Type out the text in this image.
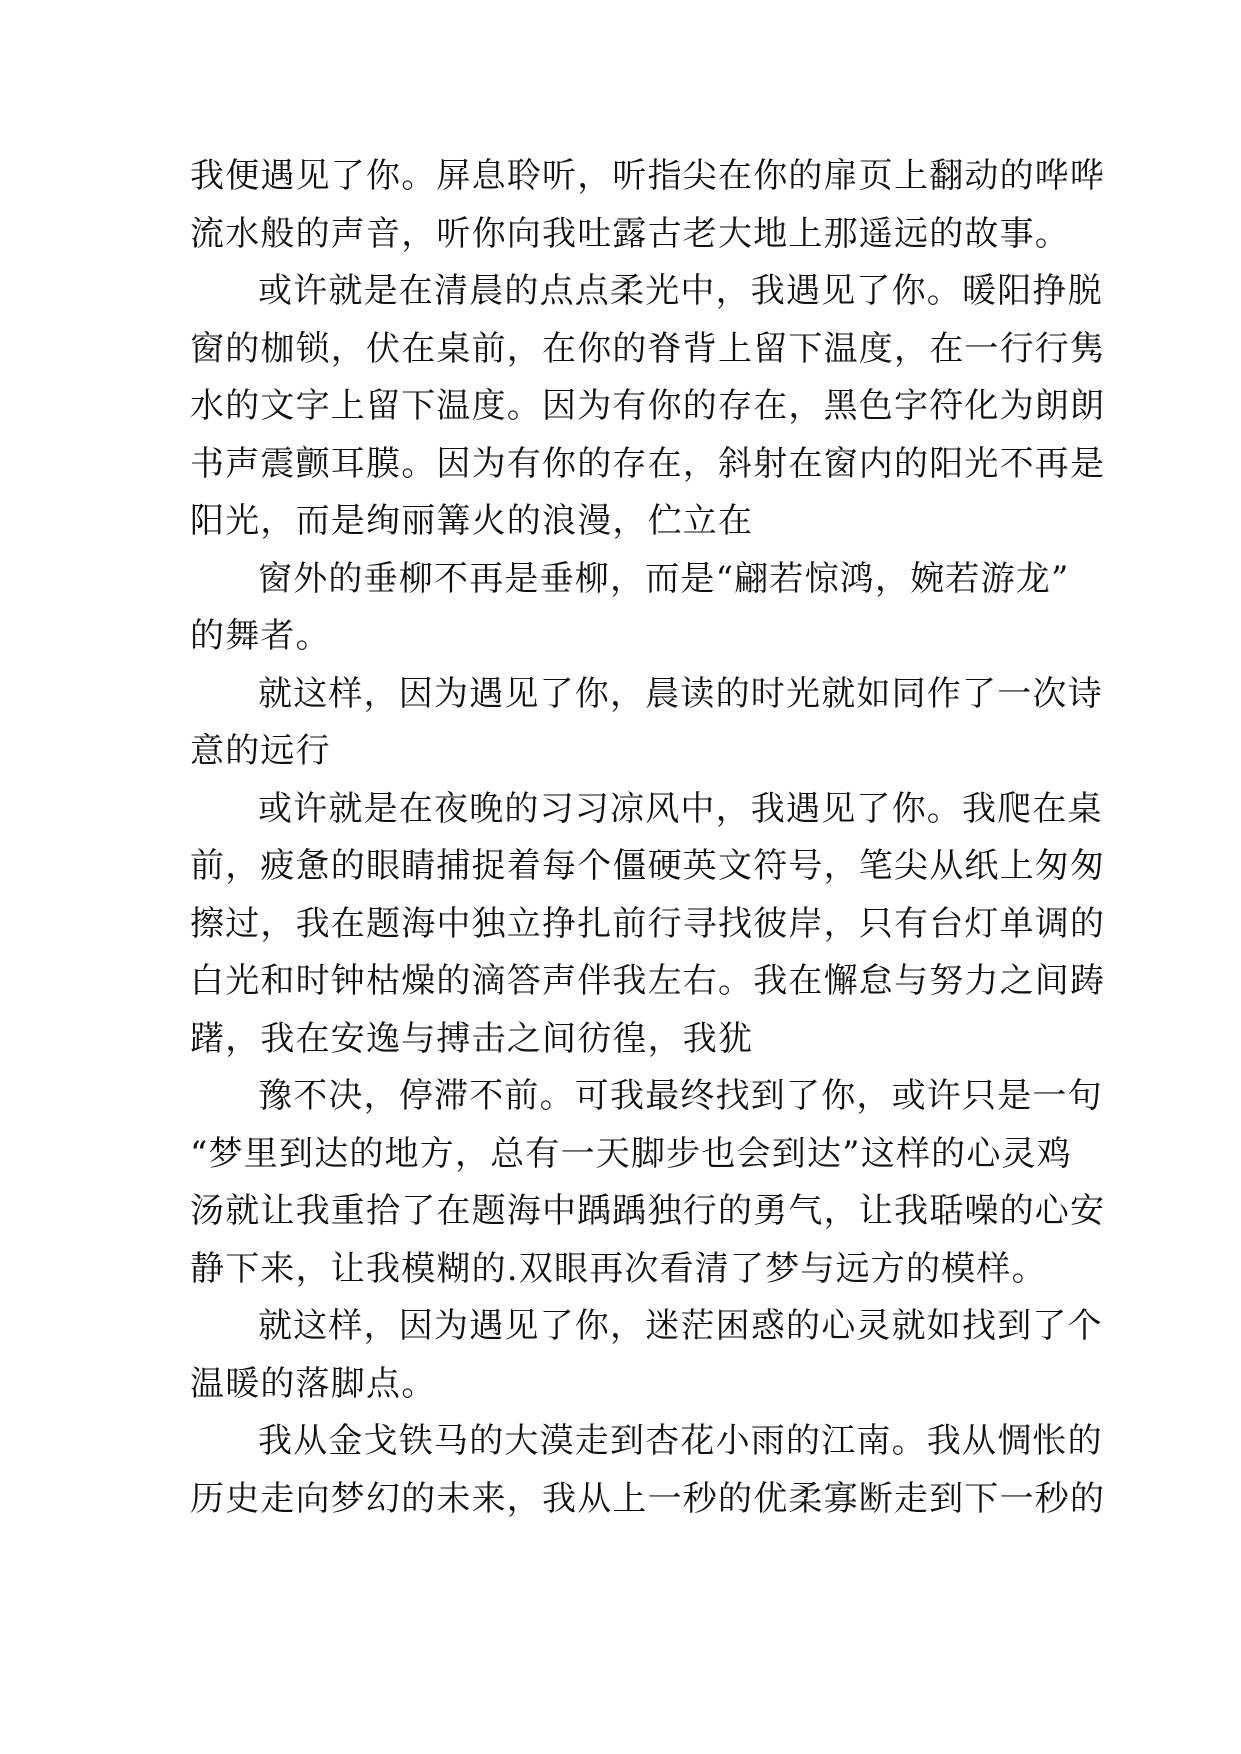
我便遇见了你。屏息聆听，听指尖在你的扉页上翻动的哗哗
流水般的声音，听你向我吐露古老大地上那遥远的故事。
或许就是在清晨的点点柔光中，我遇见了你。暖阳挣脱
窗的枷锁，伏在桌前，在你的脊背上留下温度，在一行行隽
水的文字上留下温度。因为有你的存在，黑色字符化为朗朗
书声震颤耳膜。因为有你的存在，斜射在窗内的阳光不再是
阳光，而是绚丽篝火的浪漫，伫立在
窗外的垂柳不再是垂柳，而是“翩若惊鸿，婉若游龙”
的舞者。
就这样，因为遇见了你，晨读的时光就如同作了一次诗
意的远行
或许就是在夜晚的习习凉风中，我遇见了你。我爬在桌
前，疲惫的眼睛捕捉着每个僵硬英文符号，笔尖从纸上匆匆
擦过，我在题海中独立挣扎前行寻找彼岸，只有台灯单调的
白光和时钟枯燥的滴答声伴我左右。我在懈怠与努力之间踌
躇，我在安逸与搏击之间彷徨，我犹
豫不决，停滞不前。可我最终找到了你，或许只是一句
“梦里到达的地方，总有一天脚步也会到达”这样的心灵鸡
汤就让我重拾了在题海中踽踽独行的勇气，让我聒噪的心安
静下来，让我模糊的.双眼再次看清了梦与远方的模样。
就这样，因为遇见了你，迷茫困惑的心灵就如找到了个
温暖的落脚点。
我从金戈铁马的大漠走到杏花小雨的江南。我从惆怅的
历史走向梦幻的未来，我从上一秒的优柔寡断走到下一秒的
